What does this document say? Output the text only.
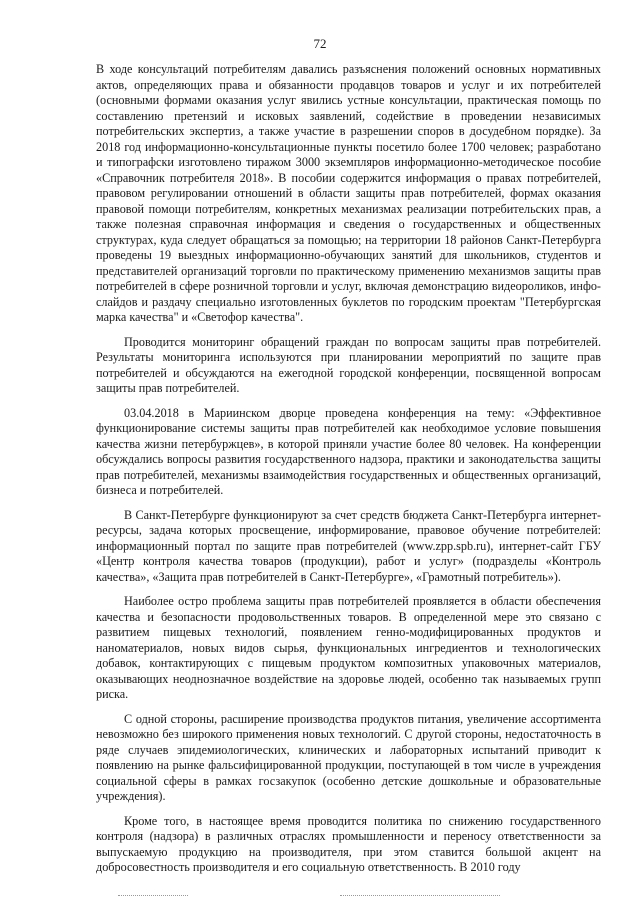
72

В ходе консультаций потребителям давались разъяснения положений основных нормативных актов, определяющих права и обязанности продавцов товаров и услуг и их потребителей (основными формами оказания услуг явились устные консультации, практическая помощь по составлению претензий и исковых заявлений, содействие в проведении независимых потребительских экспертиз, а также участие в разрешении споров в досудебном порядке). За 2018 год информационно-консультационные пункты посетило более 1700 человек; разработано и типографски изготовлено тиражом 3000 экземпляров информационно-методическое пособие «Справочник потребителя 2018». В пособии содержится информация о правах потребителей, правовом регулировании отношений в области защиты прав потребителей, формах оказания правовой помощи потребителям, конкретных механизмах реализации потребительских прав, а также полезная справочная информация и сведения о государственных и общественных структурах, куда следует обращаться за помощью; на территории 18 районов Санкт-Петербурга проведены 19 выездных информационно-обучающих занятий для школьников, студентов и представителей организаций торговли по практическому применению механизмов защиты прав потребителей в сфере розничной торговли и услуг, включая демонстрацию видеороликов, инфо-слайдов и раздачу специально изготовленных буклетов по городским проектам "Петербургская марка качества" и «Светофор качества".

Проводится мониторинг обращений граждан по вопросам защиты прав потребителей. Результаты мониторинга используются при планировании мероприятий по защите прав потребителей и обсуждаются на ежегодной городской конференции, посвященной вопросам защиты прав потребителей.

03.04.2018 в Мариинском дворце проведена конференция на тему: «Эффективное функционирование системы защиты прав потребителей как необходимое условие повышения качества жизни петербуржцев», в которой приняли участие более 80 человек. На конференции обсуждались вопросы развития государственного надзора, практики и законодательства защиты прав потребителей, механизмы взаимодействия государственных и общественных организаций, бизнеса и потребителей.

В Санкт-Петербурге функционируют за счет средств бюджета Санкт-Петербурга интернет-ресурсы, задача которых просвещение, информирование, правовое обучение потребителей: информационный портал по защите прав потребителей (www.zpp.spb.ru), интернет-сайт ГБУ «Центр контроля качества товаров (продукции), работ и услуг» (подразделы «Контроль качества», «Защита прав потребителей в Санкт-Петербурге», «Грамотный потребитель»).

Наиболее остро проблема защиты прав потребителей проявляется в области обеспечения качества и безопасности продовольственных товаров. В определенной мере это связано с развитием пищевых технологий, появлением генно-модифицированных продуктов и наноматериалов, новых видов сырья, функциональных ингредиентов и технологических добавок, контактирующих с пищевым продуктом композитных упаковочных материалов, оказывающих неоднозначное воздействие на здоровье людей, особенно так называемых групп риска.

С одной стороны, расширение производства продуктов питания, увеличение ассортимента невозможно без широкого применения новых технологий. С другой стороны, недостаточность в ряде случаев эпидемиологических, клинических и лабораторных испытаний приводит к появлению на рынке фальсифицированной продукции, поступающей в том числе в учреждения социальной сферы в рамках госзакупок (особенно детские дошкольные и образовательные учреждения).

Кроме того, в настоящее время проводится политика по снижению государственного контроля (надзора) в различных отраслях промышленности и переносу ответственности за выпускаемую продукцию на производителя, при этом ставится большой акцент на добросовестность производителя и его социальную ответственность. В 2010 году
